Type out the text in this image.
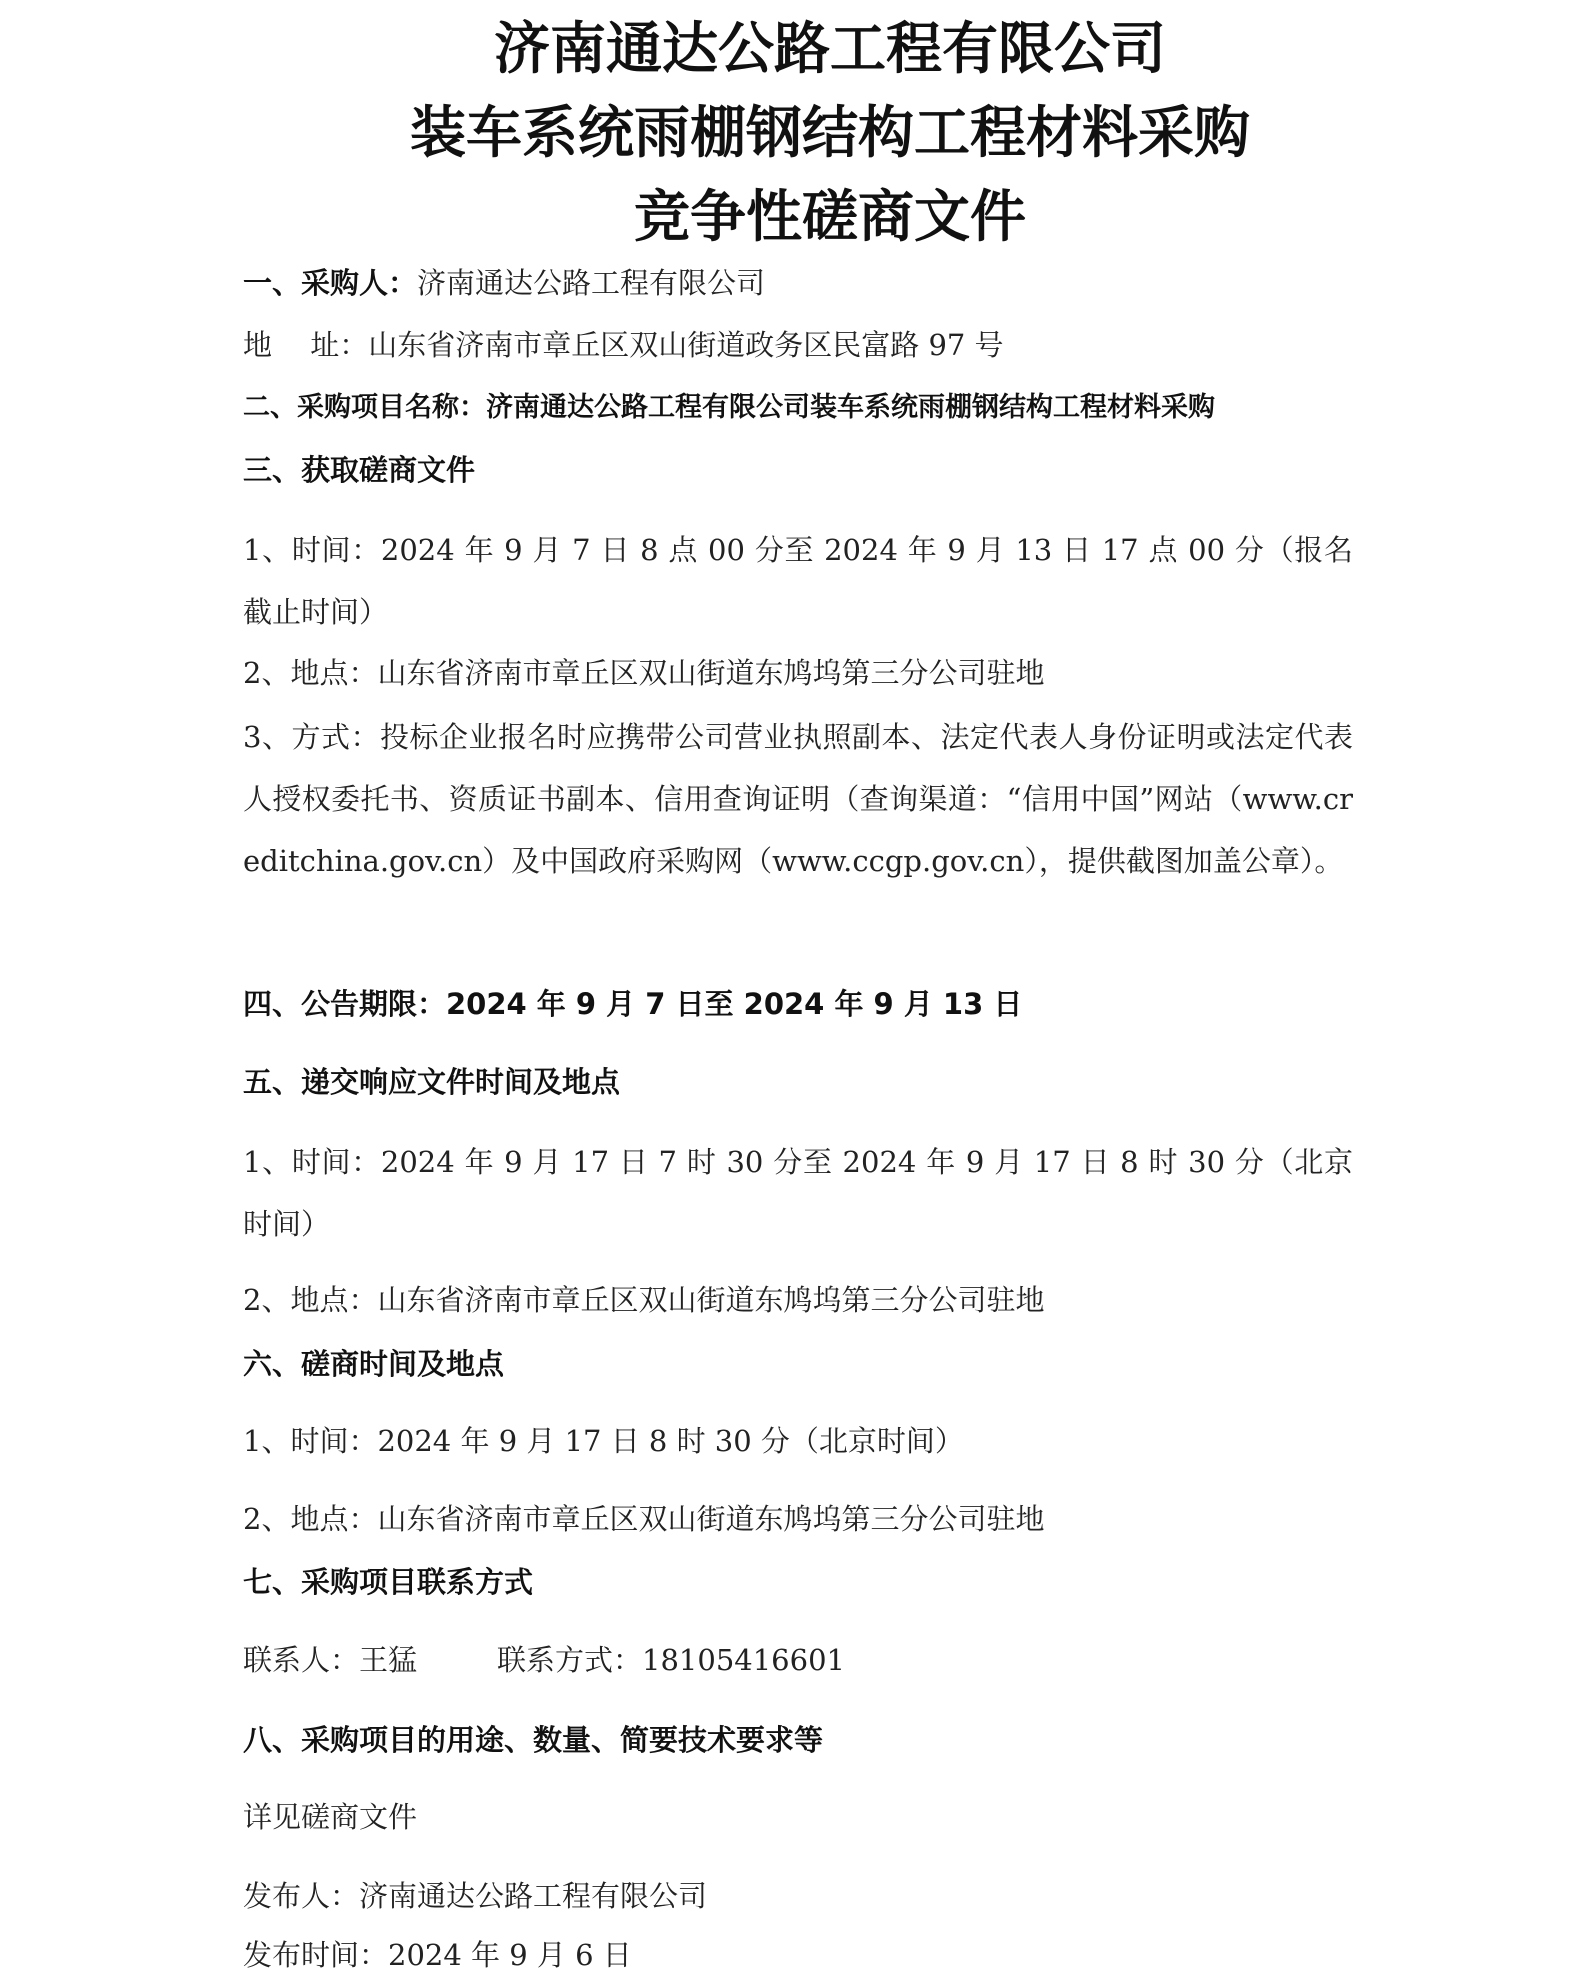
济南通达公路工程有限公司
装车系统雨棚钢结构工程材料采购
竞争性磋商文件
一、采购人：济南通达公路工程有限公司
地　 址：山东省济南市章丘区双山街道政务区民富路 97 号
二、采购项目名称：济南通达公路工程有限公司装车系统雨棚钢结构工程材料采购
三、获取磋商文件
1、时间：2024 年 9 月 7 日 8 点 00 分至 2024 年 9 月 13 日 17 点 00 分（报名截止时间）
2、地点：山东省济南市章丘区双山街道东鸠坞第三分公司驻地
3、方式：投标企业报名时应携带公司营业执照副本、法定代表人身份证明或法定代表人授权委托书、资质证书副本、信用查询证明（查询渠道：“信用中国”网站（www.creditchina.gov.cn）及中国政府采购网（www.ccgp.gov.cn），提供截图加盖公章）。
四、公告期限：2024 年 9 月 7 日至 2024 年 9 月 13 日
五、递交响应文件时间及地点
1、时间：2024 年 9 月 17 日 7 时 30 分至 2024 年 9 月 17 日 8 时 30 分（北京时间）
2、地点：山东省济南市章丘区双山街道东鸠坞第三分公司驻地
六、磋商时间及地点
1、时间：2024 年 9 月 17 日 8 时 30 分（北京时间）
2、地点：山东省济南市章丘区双山街道东鸠坞第三分公司驻地
七、采购项目联系方式
联系人：王猛	联系方式：18105416601
八、采购项目的用途、数量、简要技术要求等
详见磋商文件
发布人：济南通达公路工程有限公司
发布时间：2024 年 9 月 6 日
